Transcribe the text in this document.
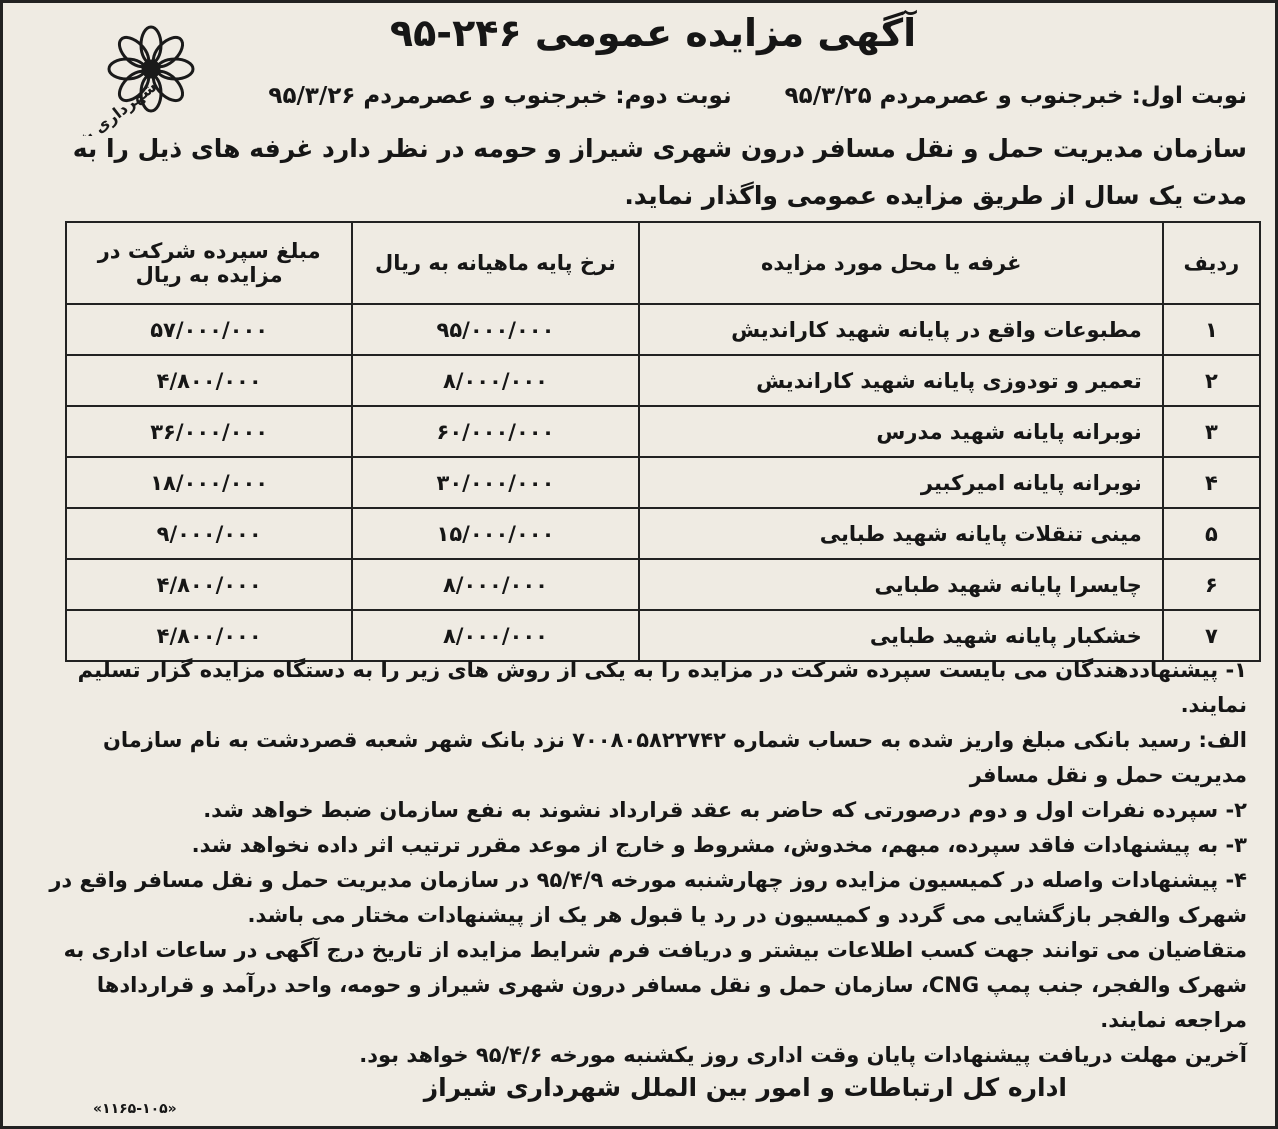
آگهی مزایده عمومی ۲۴۶-۹۵
شهرداری شیراز	نوبت اول: خبرجنوب و عصرمردم ۹۵/۳/۲۵ نوبت دوم: خبرجنوب و عصرمردم ۹۵/۳/۲۶
سازمان مدیریت حمل و نقل مسافر درون شهری شیراز و حومه در نظر دارد غرفه های ذیل را به مدت یک سال از طریق مزایده عمومی واگذار نماید.
ردیف	غرفه یا محل مورد مزایده	نرخ پایه ماهیانه به ریال	مبلغ سپرده شرکت در مزایده به ریال
۱	مطبوعات واقع در پایانه شهید کاراندیش	۹۵/۰۰۰/۰۰۰	۵۷/۰۰۰/۰۰۰
۲	تعمیر و تودوزی پایانه شهید کاراندیش	۸/۰۰۰/۰۰۰	۴/۸۰۰/۰۰۰
۳	نوبرانه پایانه شهید مدرس	۶۰/۰۰۰/۰۰۰	۳۶/۰۰۰/۰۰۰
۴	نوبرانه پایانه امیرکبیر	۳۰/۰۰۰/۰۰۰	۱۸/۰۰۰/۰۰۰
۵	مینی تنقلات پایانه شهید طبایی	۱۵/۰۰۰/۰۰۰	۹/۰۰۰/۰۰۰
۶	چایسرا پایانه شهید طبایی	۸/۰۰۰/۰۰۰	۴/۸۰۰/۰۰۰
۷	خشکبار پایانه شهید طبایی	۸/۰۰۰/۰۰۰	۴/۸۰۰/۰۰۰

۱- پیشنهاددهندگان می بایست سپرده شرکت در مزایده را به یکی از روش های زیر را به دستگاه مزایده گزار تسلیم نمایند.

الف: رسید بانکی مبلغ واریز شده به حساب شماره ۷۰۰۸۰۵۸۲۲۷۴۲ نزد بانک شهر شعبه قصردشت به نام سازمان مدیریت حمل و نقل مسافر

۲- سپرده نفرات اول و دوم درصورتی که حاضر به عقد قرارداد نشوند به نفع سازمان ضبط خواهد شد.

۳- به پیشنهادات فاقد سپرده، مبهم، مخدوش، مشروط و خارج از موعد مقرر ترتیب اثر داده نخواهد شد.

۴- پیشنهادات واصله در کمیسیون مزایده روز چهارشنبه مورخه ۹۵/۴/۹ در سازمان مدیریت حمل و نقل مسافر واقع در شهرک والفجر بازگشایی می گردد و کمیسیون در رد یا قبول هر یک از پیشنهادات مختار می باشد.

متقاضیان می توانند جهت کسب اطلاعات بیشتر و دریافت فرم شرایط مزایده از تاریخ درج آگهی در ساعات اداری به شهرک والفجر، جنب پمپ CNG، سازمان حمل و نقل مسافر درون شهری شیراز و حومه، واحد درآمد و قراردادها مراجعه نمایند.

آخرین مهلت دریافت پیشنهادات پایان وقت اداری روز یکشنبه مورخه ۹۵/۴/۶ خواهد بود.

اداره کل ارتباطات و امور بین الملل شهرداری شیراز
«۱۱۶۵-۱۰۵»
